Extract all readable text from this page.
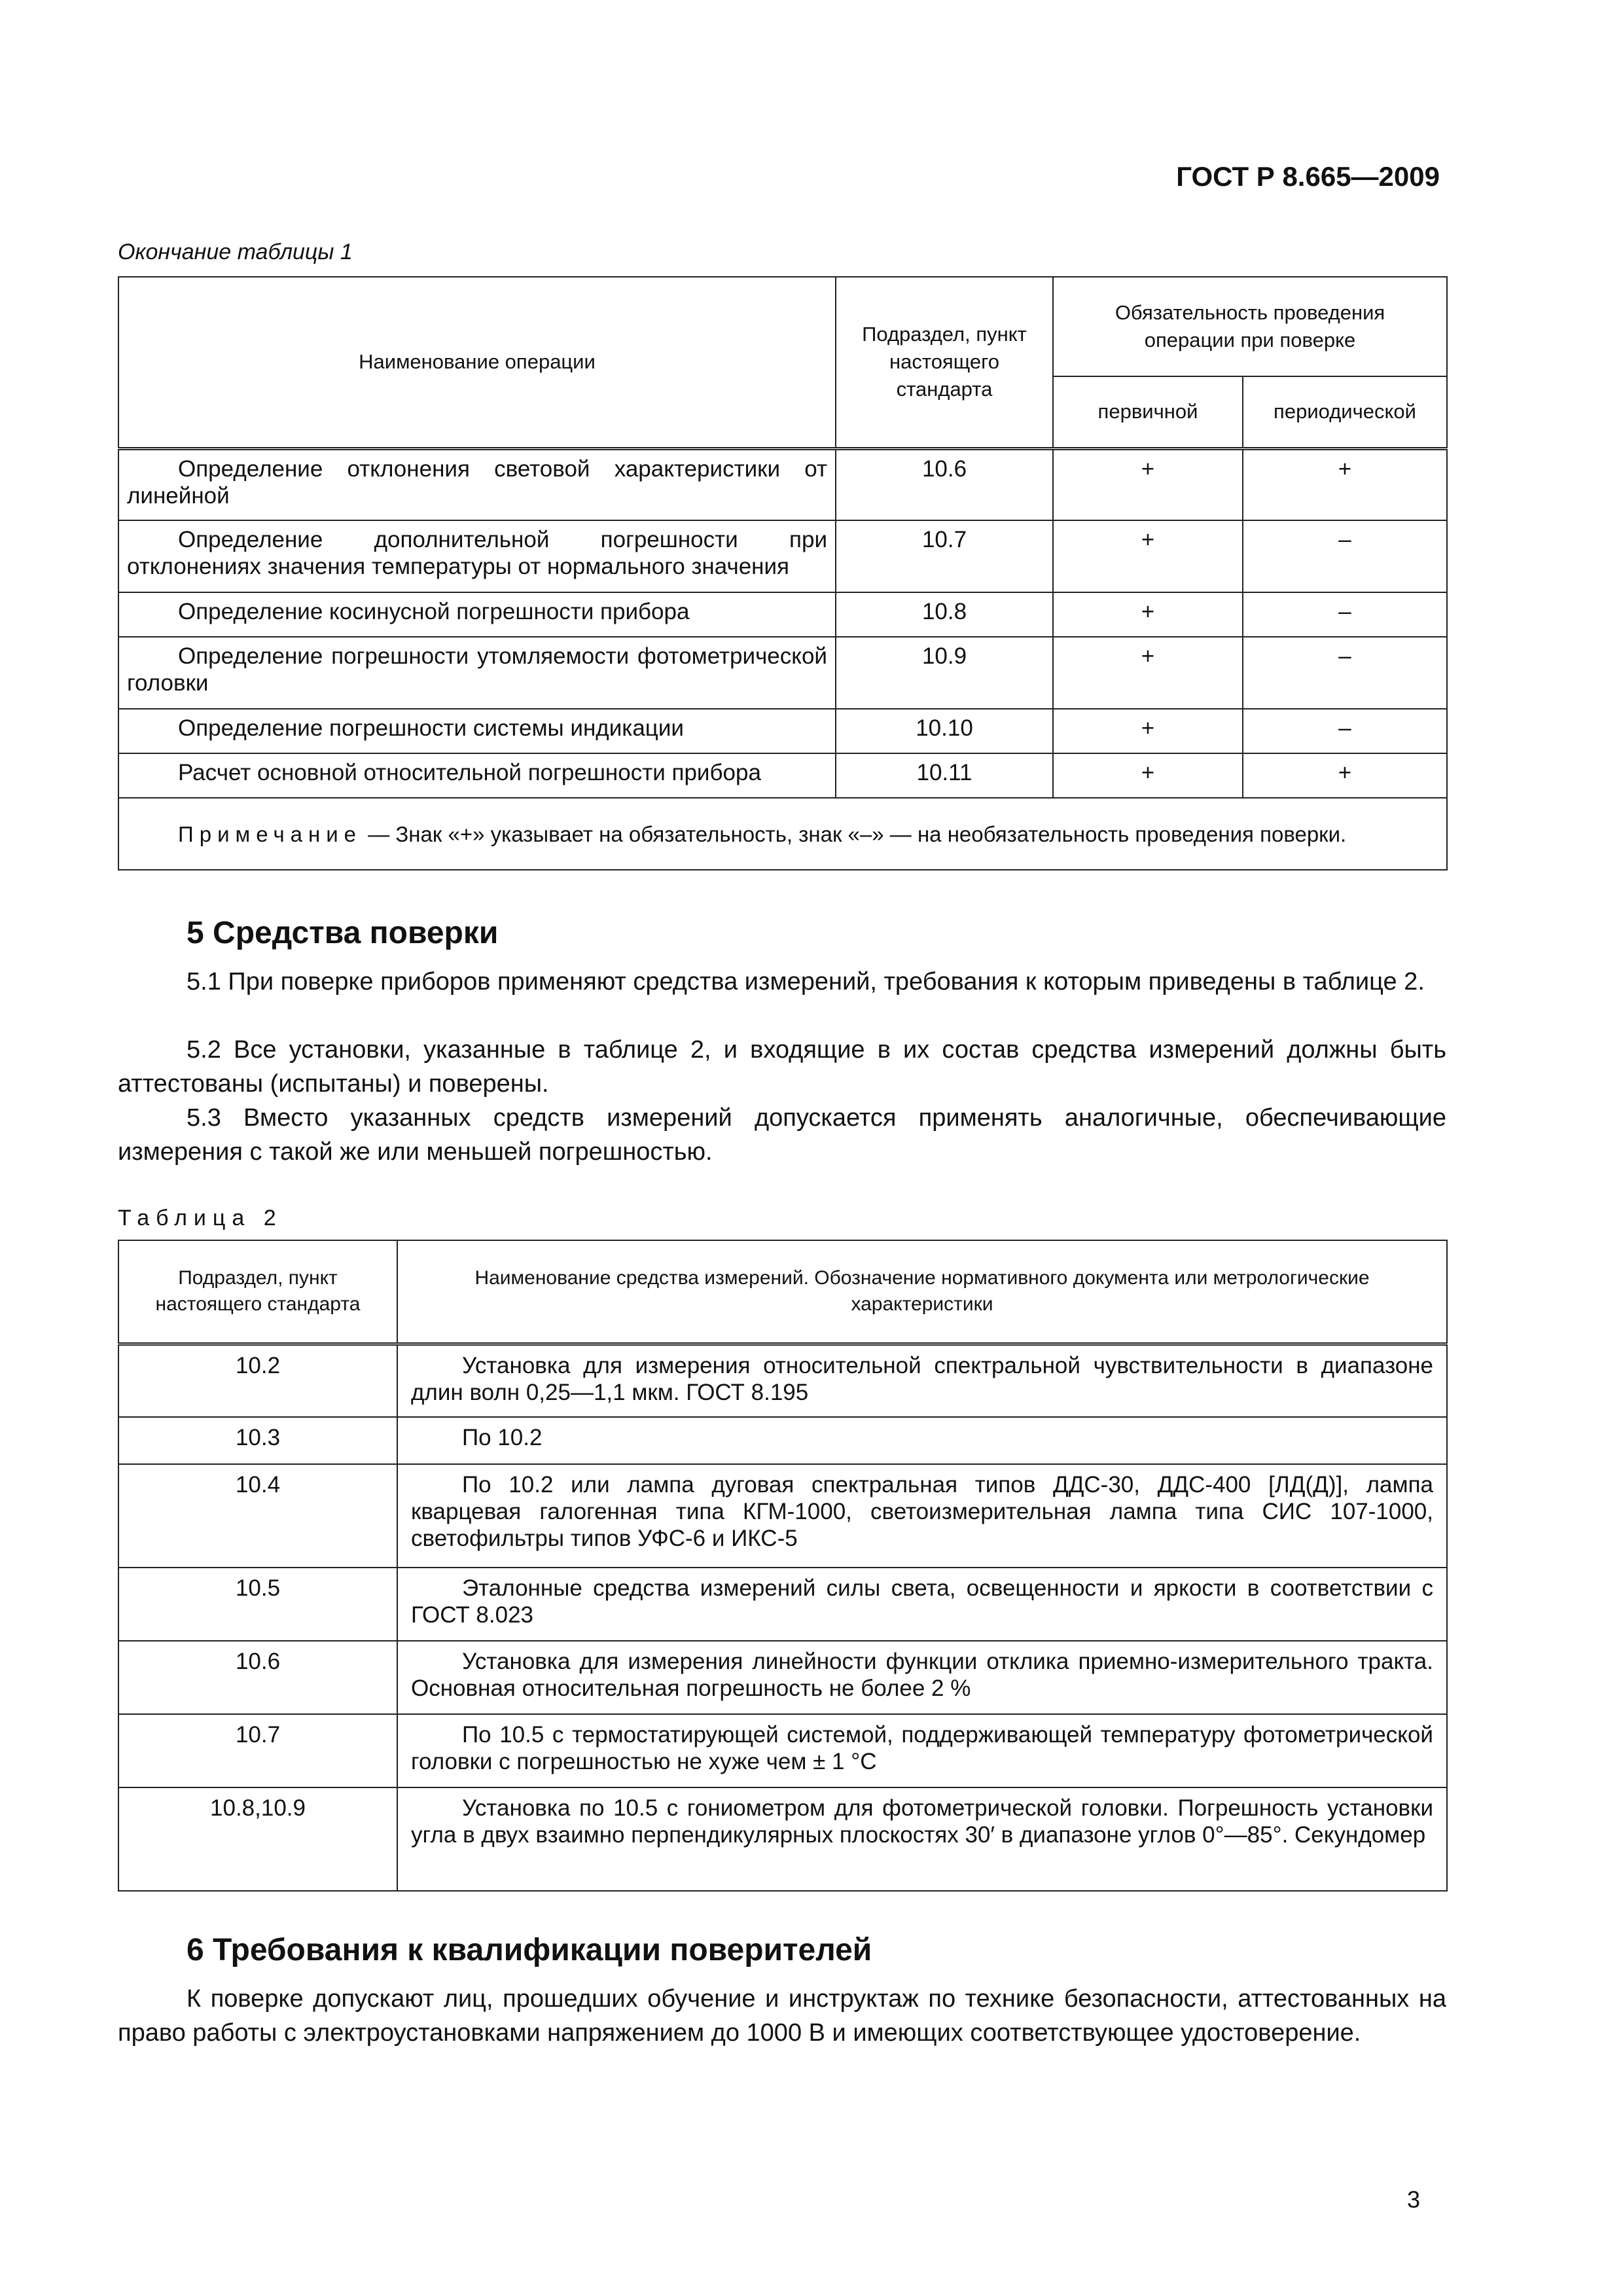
ГОСТ Р 8.665—2009
Окончание таблицы 1
Наименование операции	Подраздел, пункт настоящего стандарта	Обязательность проведения операции при поверке	
		первичной	периодической

Определение отклонения световой характеристики от линейной	10.6	+	+

Определение дополнительной погрешности при отклонениях значения температуры от нормального значения	10.7	+	–

Определение косинусной погрешности прибора	10.8	+	–

Определение погрешности утомляемости фотометрической головки	10.9	+	–

Определение погрешности системы индикации	10.10	+	–

Расчет основной относительной погрешности прибора	10.11	+	+

Примечание — Знак «+» указывает на обязательность, знак «–» — на необязательность проведения поверки.			
5 Средства поверки
5.1 При поверке приборов применяют средства измерений, требования к которым приведены в таблице 2.
5.2 Все установки, указанные в таблице 2, и входящие в их состав средства измерений должны быть аттестованы (испытаны) и поверены.
5.3 Вместо указанных средств измерений допускается применять аналогичные, обеспечивающие измерения с такой же или меньшей погрешностью.
Таблица 2
Подраздел, пункт настоящего стандарта	Наименование средства измерений. Обозначение нормативного документа или метрологические характеристики
10.2	Установка для измерения относительной спектральной чувствительности в диапазоне длин волн 0,25—1,1 мкм. ГОСТ 8.195

10.3	По 10.2

10.4	По 10.2 или лампа дуговая спектральная типов ДДС-30, ДДС-400 [ЛД(Д)], лампа кварцевая галогенная типа КГМ-1000, светоизмерительная лампа типа СИС 107-1000, светофильтры типов УФС-6 и ИКС-5

10.5	Эталонные средства измерений силы света, освещенности и яркости в соответствии с ГОСТ 8.023

10.6	Установка для измерения линейности функции отклика приемно-измерительного тракта. Основная относительная погрешность не более 2 %

10.7	По 10.5 с термостатирующей системой, поддерживающей температуру фотометрической головки с погрешностью не хуже чем ± 1 °С

10.8,10.9	Установка по 10.5 с гониометром для фотометрической головки. Погрешность установки угла в двух взаимно перпендикулярных плоскостях 30′ в диапазоне углов 0°—85°. Секундомер
6 Требования к квалификации поверителей
К поверке допускают лиц, прошедших обучение и инструктаж по технике безопасности, аттестованных на право работы с электроустановками напряжением до 1000 В и имеющих соответствующее удостоверение.
3
